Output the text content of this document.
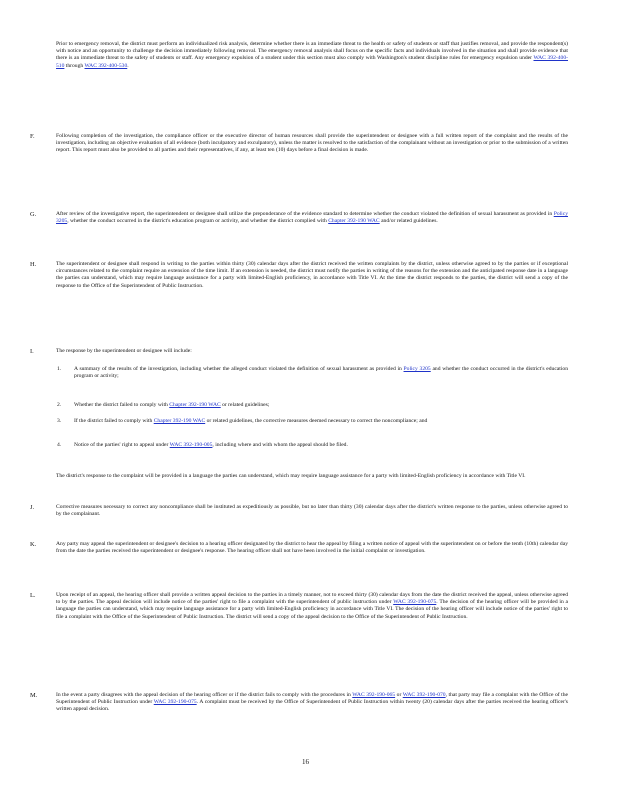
Prior to emergency removal, the district must perform an individualized risk analysis, determine whether there is an immediate threat to the health or safety of students or staff that justifies removal, and provide the respondent(s) with notice and an opportunity to challenge the decision immediately following removal. The emergency removal analysis shall focus on the specific facts and individuals involved in the situation and shall provide evidence that there is an immediate threat to the safety of students or staff. Any emergency expulsion of a student under this section must also comply with Washington's student discipline rules for emergency expulsion under WAC 392-400-510 through WAC 392-400-530.

F.	Following completion of the investigation, the compliance officer or the executive director of human resources shall provide the superintendent or designee with a full written report of the complaint and the results of the investigation, including an objective evaluation of all evidence (both inculpatory and exculpatory), unless the matter is resolved to the satisfaction of the complainant without an investigation or prior to the submission of a written report. This report must also be provided to all parties and their representatives, if any, at least ten (10) days before a final decision is made.

G.	After review of the investigative report, the superintendent or designee shall utilize the preponderance of the evidence standard to determine whether the conduct violated the definition of sexual harassment as provided in Policy 3205, whether the conduct occurred in the district's education program or activity, and whether the district complied with Chapter 392-190 WAC and/or related guidelines.

H.	The superintendent or designee shall respond in writing to the parties within thirty (30) calendar days after the district received the written complaints by the district, unless otherwise agreed to by the parties or if exceptional circumstances related to the complaint require an extension of the time limit. If an extension is needed, the district must notify the parties in writing of the reasons for the extension and the anticipated response date in a language the parties can understand, which may require language assistance for a party with limited-English proficiency, in accordance with Title VI. At the time the district responds to the parties, the district will send a copy of the response to the Office of the Superintendent of Public Instruction.

I.	The response by the superintendent or designee will include:

1. A summary of the results of the investigation, including whether the alleged conduct violated the definition of sexual harassment as provided in Policy 3205 and whether the conduct occurred in the district's education program or activity;

2. Whether the district failed to comply with Chapter 392-190 WAC or related guidelines;

3. If the district failed to comply with Chapter 392-190 WAC or related guidelines, the corrective measures deemed necessary to correct the noncompliance; and

4. Notice of the parties' right to appeal under WAC 392-190-005, including where and with whom the appeal should be filed.

The district's response to the complaint will be provided in a language the parties can understand, which may require language assistance for a party with limited-English proficiency in accordance with Title VI.

J.	Corrective measures necessary to correct any noncompliance shall be instituted as expeditiously as possible, but no later than thirty (30) calendar days after the district's written response to the parties, unless otherwise agreed to by the complainant.

K.	Any party may appeal the superintendent or designee's decision to a hearing officer designated by the district to hear the appeal by filing a written notice of appeal with the superintendent on or before the tenth (10th) calendar day from the date the parties received the superintendent or designee's response. The hearing officer shall not have been involved in the initial complaint or investigation.

L.	Upon receipt of an appeal, the hearing officer shall provide a written appeal decision to the parties in a timely manner, not to exceed thirty (30) calendar days from the date the district received the appeal, unless otherwise agreed to by the parties. The appeal decision will include notice of the parties' right to file a complaint with the superintendent of public instruction under WAC 392-190-075. The decision of the hearing officer will be provided in a language the parties can understand, which may require language assistance for a party with limited-English proficiency in accordance with Title VI. The decision of the hearing officer will include notice of the parties' right to file a complaint with the Office of the Superintendent of Public Instruction. The district will send a copy of the appeal decision to the Office of the Superintendent of Public Instruction.

M.	In the event a party disagrees with the appeal decision of the hearing officer or if the district fails to comply with the procedures in WAC 392-190-065 or WAC 392-190-070, that party may file a complaint with the Office of the Superintendent of Public Instruction under WAC 392-190-075. A complaint must be received by the Office of Superintendent of Public Instruction within twenty (20) calendar days after the parties received the hearing officer's written appeal decision.

16
